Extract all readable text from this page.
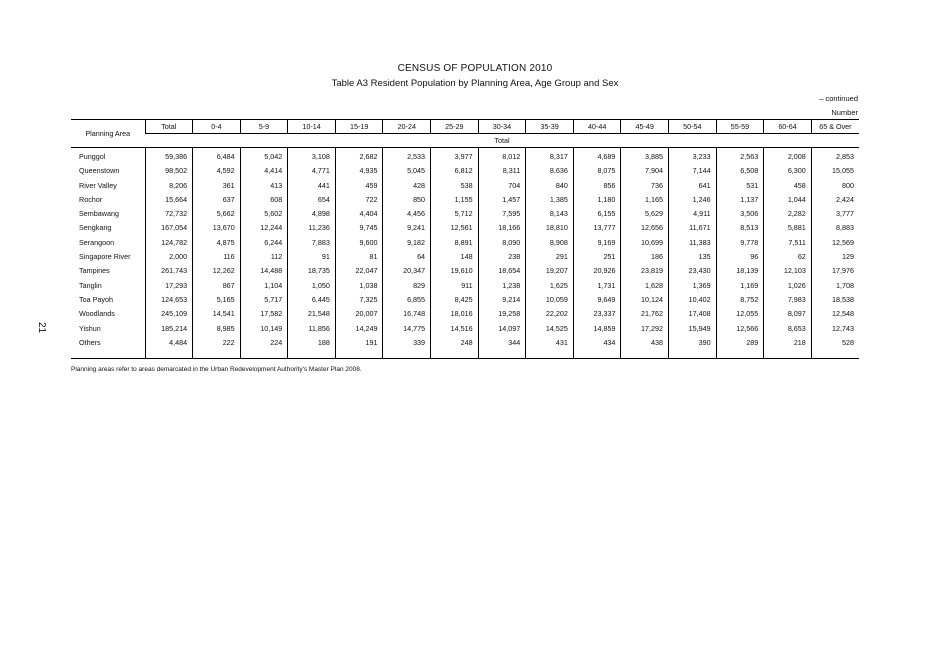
CENSUS OF POPULATION 2010
Table A3 Resident Population by Planning Area, Age Group and Sex
– continued
Number
21
Planning Area	Total	0-4	5-9	10-14	15-19	20-24	25-29	30-34	35-39	40-44	45-49	50-54	55-59	60-64	65 & Over
	Total														
Punggol	59,386	6,484	5,042	3,108	2,682	2,533	3,977	8,012	8,317	4,689	3,885	3,233	2,563	2,008	2,853
Queenstown	98,502	4,592	4,414	4,771	4,935	5,045	6,812	8,311	8,636	8,075	7,904	7,144	6,508	6,300	15,055
River Valley	8,206	361	413	441	459	428	538	704	840	856	736	641	531	458	800
Rochor	15,664	637	608	654	722	850	1,155	1,457	1,385	1,180	1,165	1,246	1,137	1,044	2,424
Sembawang	72,732	5,662	5,602	4,898	4,404	4,456	5,712	7,595	8,143	6,155	5,629	4,911	3,506	2,282	3,777
Sengkang	167,054	13,670	12,244	11,236	9,745	9,241	12,561	18,166	18,810	13,777	12,656	11,671	8,513	5,881	8,883
Serangoon	124,782	4,875	6,244	7,883	9,600	9,182	8,891	8,090	8,908	9,169	10,699	11,383	9,778	7,511	12,569
Singapore River	2,000	116	112	91	81	64	148	238	291	251	186	135	96	62	129
Tampines	261,743	12,262	14,488	18,735	22,047	20,347	19,610	18,654	19,207	20,926	23,819	23,430	18,139	12,103	17,976
Tanglin	17,293	867	1,104	1,050	1,038	829	911	1,238	1,625	1,731	1,628	1,369	1,169	1,026	1,708
Toa Payoh	124,653	5,165	5,717	6,445	7,325	6,855	8,425	9,214	10,059	9,649	10,124	10,402	8,752	7,983	18,538
Woodlands	245,109	14,541	17,582	21,548	20,007	16,748	18,016	19,258	22,202	23,337	21,762	17,408	12,055	8,097	12,548
Yishun	185,214	8,985	10,149	11,856	14,249	14,775	14,516	14,097	14,525	14,859	17,292	15,949	12,566	8,653	12,743
Others	4,484	222	224	188	191	339	248	344	431	434	438	390	289	218	528

Planning areas refer to areas demarcated in the Urban Redevelopment Authority's Master Plan 2008.
